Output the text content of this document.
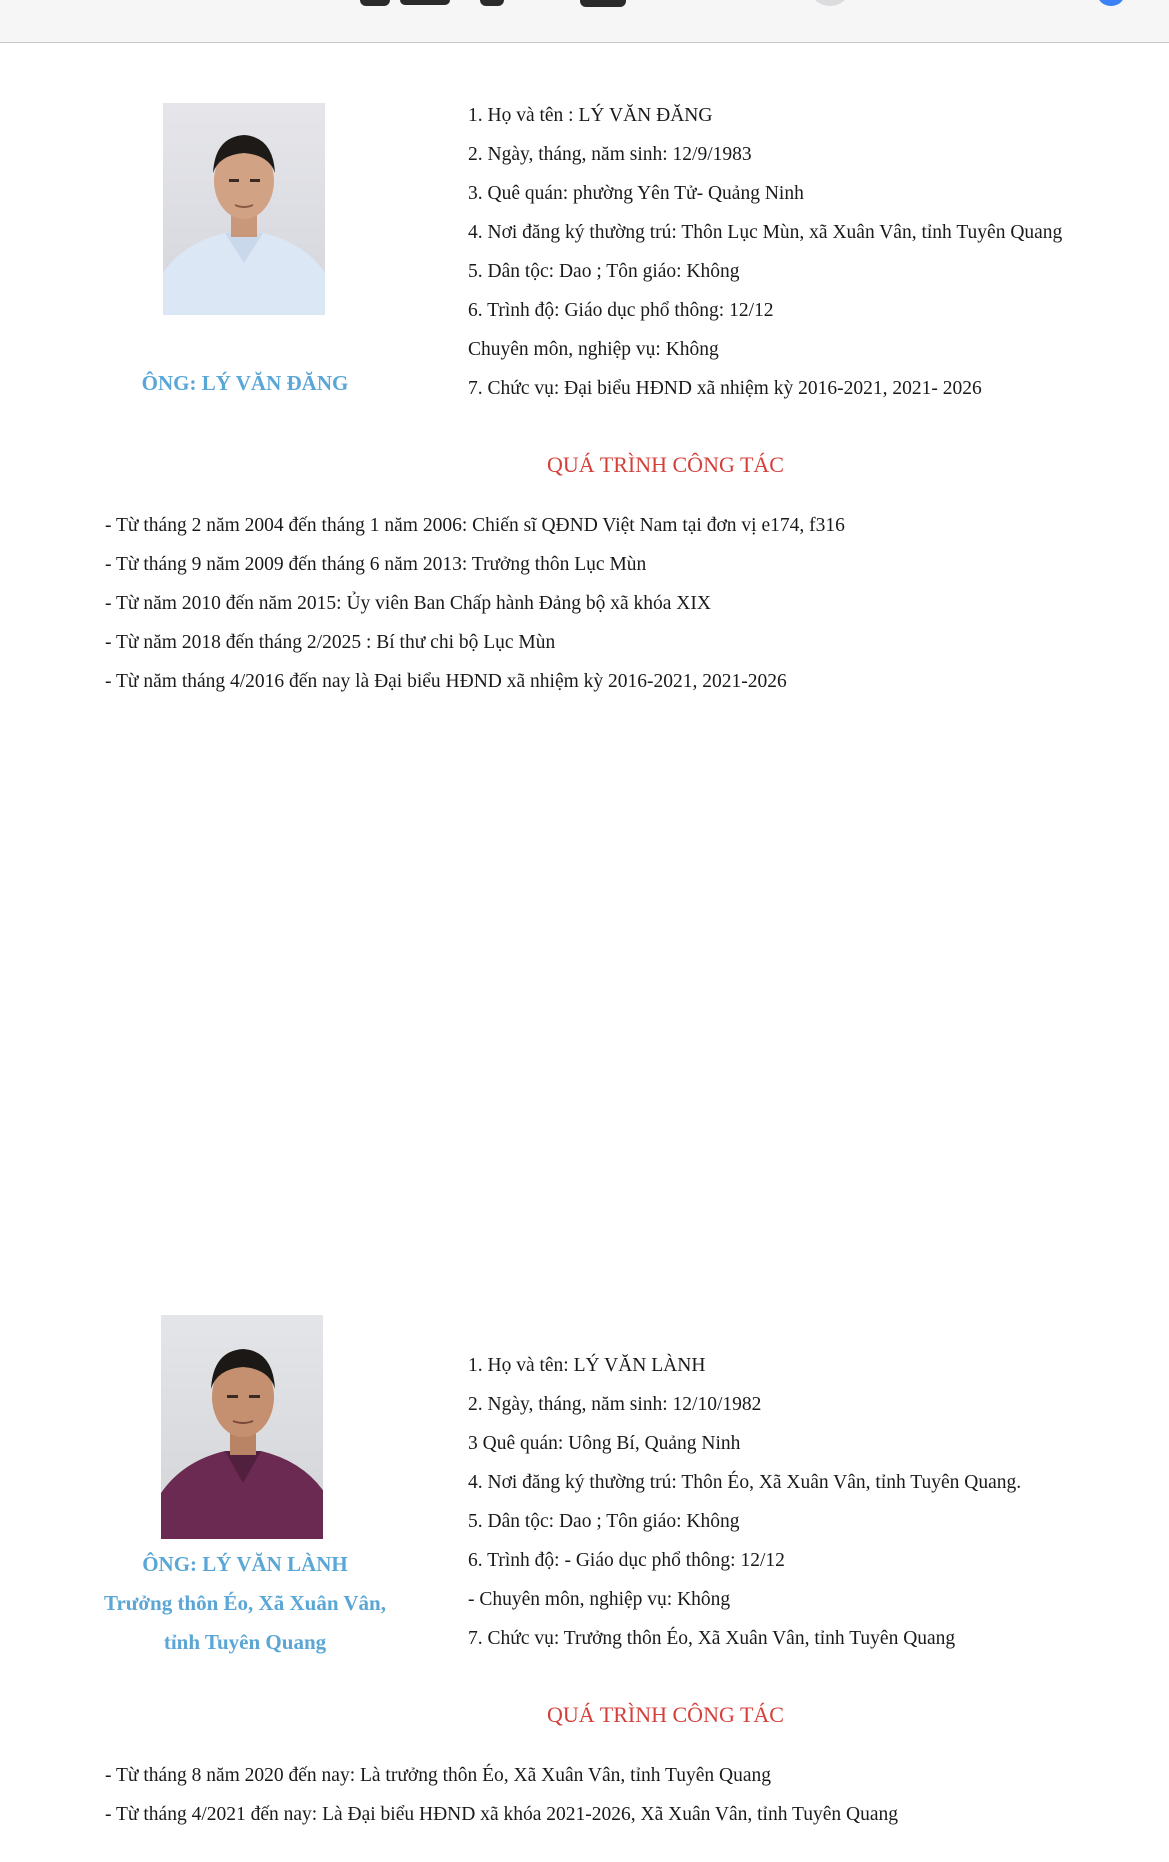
ÔNG: LÝ VĂN ĐĂNG
1. Họ và tên : LÝ VĂN ĐĂNG
2. Ngày, tháng, năm sinh: 12/9/1983
3. Quê quán: phường Yên Tử- Quảng Ninh
4. Nơi đăng ký thường trú: Thôn Lục Mùn, xã Xuân Vân, tỉnh Tuyên Quang
5. Dân tộc: Dao ; Tôn giáo: Không
6. Trình độ: Giáo dục phổ thông: 12/12
Chuyên môn, nghiệp vụ: Không
7. Chức vụ: Đại biểu HĐND xã nhiệm kỳ 2016-2021, 2021- 2026
QUÁ TRÌNH CÔNG TÁC
- Từ tháng 2 năm 2004 đến tháng 1 năm 2006: Chiến sĩ QĐND Việt Nam tại đơn vị e174, f316
- Từ tháng 9 năm 2009 đến tháng 6 năm 2013: Trưởng thôn Lục Mùn
- Từ năm 2010 đến năm 2015: Ủy viên Ban Chấp hành Đảng bộ xã khóa XIX
- Từ năm 2018 đến tháng 2/2025 : Bí thư chi bộ Lục Mùn
- Từ năm tháng 4/2016 đến nay là Đại biểu HĐND xã nhiệm kỳ 2016-2021, 2021-2026
ÔNG: LÝ VĂN LÀNH
Trưởng thôn Éo, Xã Xuân Vân,
tỉnh Tuyên Quang
1. Họ và tên: LÝ VĂN LÀNH
2. Ngày, tháng, năm sinh: 12/10/1982
3 Quê quán: Uông Bí, Quảng Ninh
4. Nơi đăng ký thường trú: Thôn Éo, Xã Xuân Vân, tỉnh Tuyên Quang.
5. Dân tộc: Dao ; Tôn giáo: Không
6. Trình độ: - Giáo dục phổ thông: 12/12
- Chuyên môn, nghiệp vụ: Không
7. Chức vụ: Trưởng thôn Éo, Xã Xuân Vân, tỉnh Tuyên Quang
QUÁ TRÌNH CÔNG TÁC
- Từ tháng 8 năm 2020 đến nay: Là trưởng thôn Éo, Xã Xuân Vân, tỉnh Tuyên Quang
- Từ tháng 4/2021 đến nay: Là Đại biểu HĐND xã khóa 2021-2026, Xã Xuân Vân, tỉnh Tuyên Quang
